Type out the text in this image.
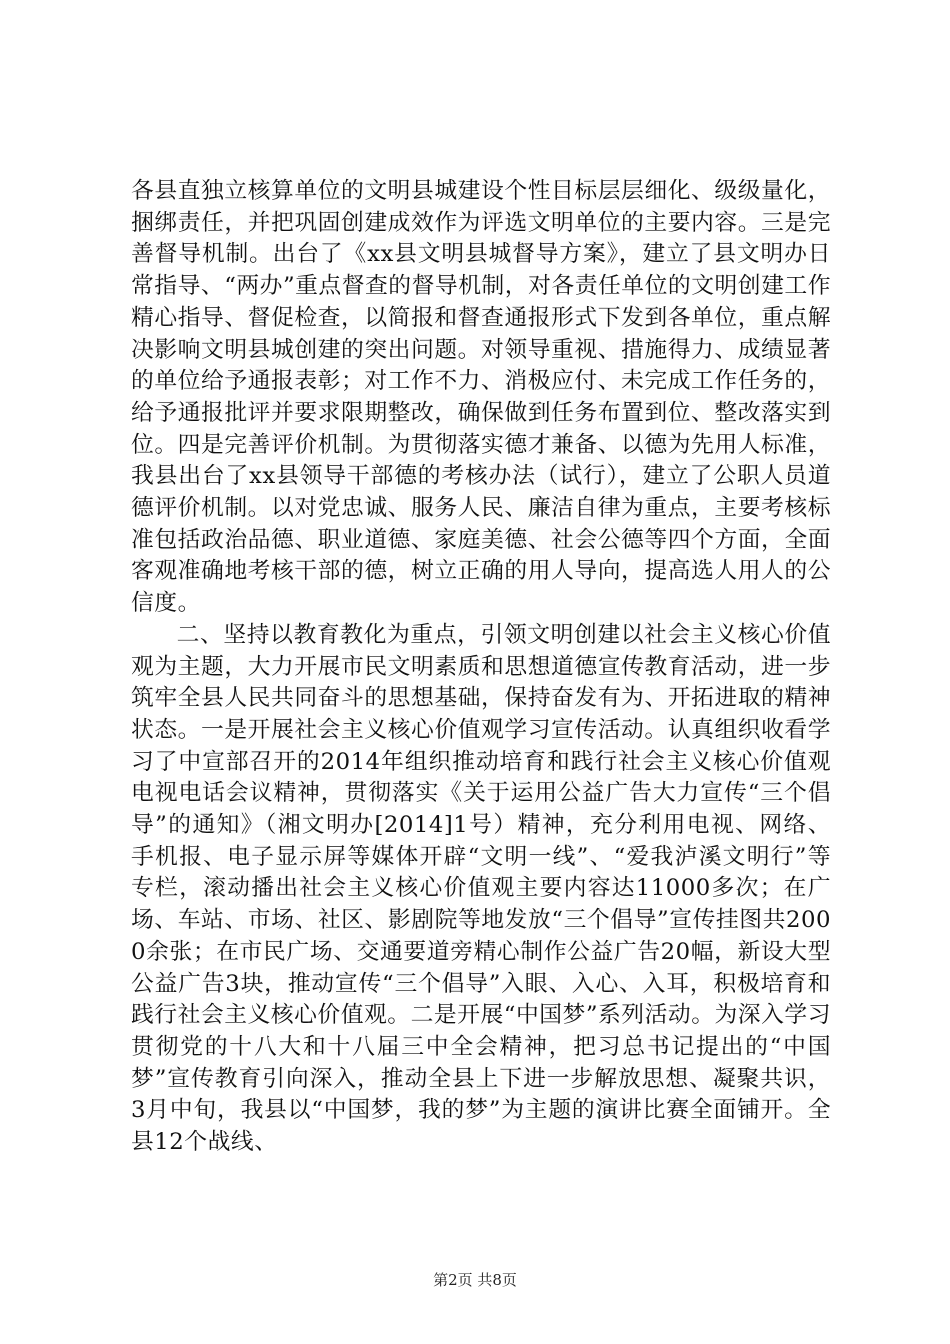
各县直独立核算单位的文明县城建设个性目标层层细化、级级量化，捆绑责任，并把巩固创建成效作为评选文明单位的主要内容。三是完善督导机制。出台了《xx县文明县城督导方案》，建立了县文明办日常指导、“两办”重点督查的督导机制，对各责任单位的文明创建工作精心指导、督促检查，以简报和督查通报形式下发到各单位，重点解决影响文明县城创建的突出问题。对领导重视、措施得力、成绩显著的单位给予通报表彰；对工作不力、消极应付、未完成工作任务的，给予通报批评并要求限期整改，确保做到任务布置到位、整改落实到位。四是完善评价机制。为贯彻落实德才兼备、以德为先用人标准，我县出台了xx县领导干部德的考核办法（试行），建立了公职人员道德评价机制。以对党忠诚、服务人民、廉洁自律为重点，主要考核标准包括政治品德、职业道德、家庭美德、社会公德等四个方面，全面客观准确地考核干部的德，树立正确的用人导向，提高选人用人的公信度。

二、坚持以教育教化为重点，引领文明创建以社会主义核心价值观为主题，大力开展市民文明素质和思想道德宣传教育活动，进一步筑牢全县人民共同奋斗的思想基础，保持奋发有为、开拓进取的精神状态。一是开展社会主义核心价值观学习宣传活动。认真组织收看学习了中宣部召开的2014年组织推动培育和践行社会主义核心价值观电视电话会议精神，贯彻落实《关于运用公益广告大力宣传“三个倡导”的通知》（湘文明办[2014]1号）精神，充分利用电视、网络、手机报、电子显示屏等媒体开辟“文明一线”、“爱我泸溪文明行”等专栏，滚动播出社会主义核心价值观主要内容达11000多次；在广场、车站、市场、社区、影剧院等地发放“三个倡导”宣传挂图共2000余张；在市民广场、交通要道旁精心制作公益广告20幅，新设大型公益广告3块，推动宣传“三个倡导”入眼、入心、入耳，积极培育和践行社会主义核心价值观。二是开展“中国梦”系列活动。为深入学习贯彻党的十八大和十八届三中全会精神，把习总书记提出的“中国梦”宣传教育引向深入，推动全县上下进一步解放思想、凝聚共识，3月中旬，我县以“中国梦，我的梦”为主题的演讲比赛全面铺开。全县12个战线、

第2页 共8页
